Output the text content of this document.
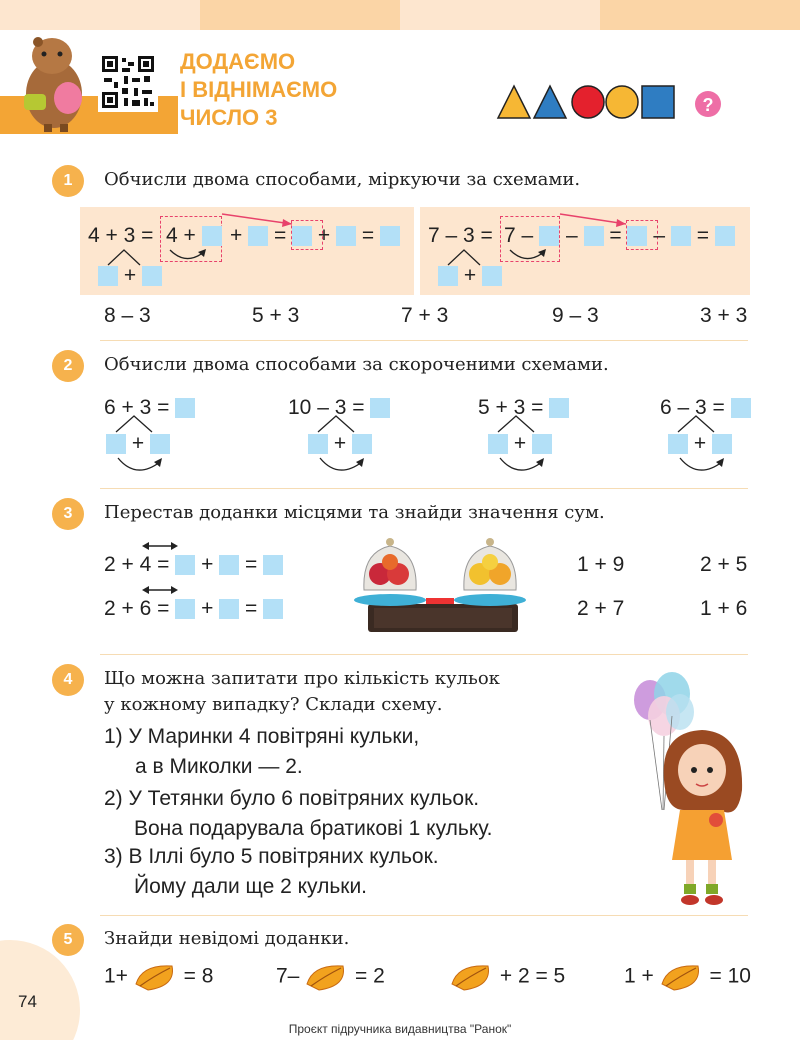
ДОДАЄМО
І ВІДНІМАЄМО
ЧИСЛО 3	?
1	Обчисли двома способами, міркуючи за схемами.
4 + 3 = 4 +	+ = + =
+
7 – 3 = 7 –	– = – =
+
8 – 3	5 + 3	7 + 3	9 – 3	3 + 3
2	Обчисли двома способами за скороченими схемами.
6 + 3 =	10 – 3 =	5 + 3 =	6 – 3 =
+	+	+	+
3	Перестав доданки місцями та знайди значення сум.
2 + 4 = + =
2 + 6 = + =
1 + 9	2 + 5
2 + 7	1 + 6
4	Що можна запитати про кількість кульок
у кожному випадку? Склади схему.
1) У Маринки 4 повітряні кульки,
а в Миколки — 2.
2) У Тетянки було 6 повітряних кульок.
Вона подарувала братикові 1 кульку.
3) В Іллі було 5 повітряних кульок.
Йому дали ще 2 кульки.
5	Знайди невідомі доданки.
1+	= 8	7–	= 2	+ 2 = 5	1 +	= 10
74
Проєкт підручника видавництва "Ранок"
